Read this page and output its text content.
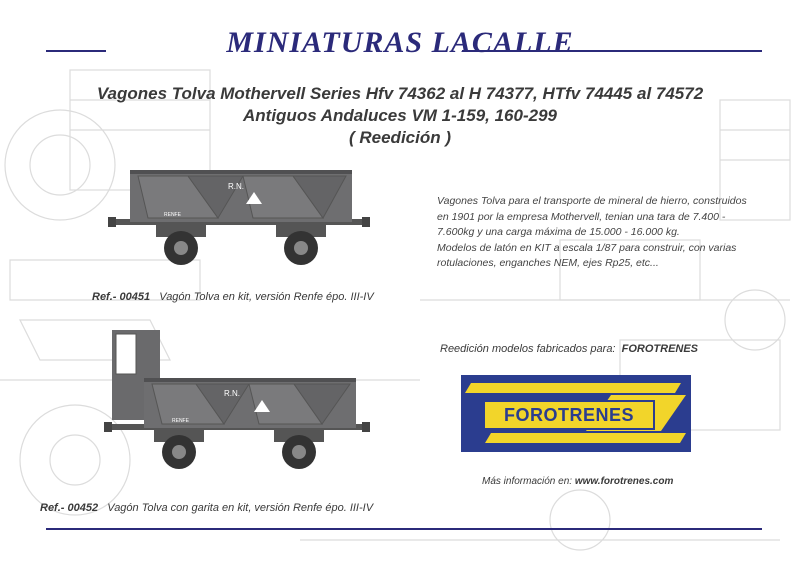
MINIATURAS LACALLE
Vagones Tolva Mothervell Series Hfv 74362 al H 74377, HTfv 74445 al 74572
Antiguos Andaluces VM 1-159, 160-299
( Reedición )
R.N.
RENFE
Ref.- 00451 Vagón Tolva en kit, versión Renfe épo. III-IV
R.N.
RENFE
Ref.- 00452 Vagón Tolva con garita en kit, versión Renfe épo. III-IV

Vagones Tolva para el transporte de mineral de hierro, construidos en 1901 por la empresa Mothervell, tenian una tara de 7.400 - 7.600kg y una carga máxima de 15.000 - 16.000 kg.

Modelos de latón en KIT a escala 1/87 para construir, con varias rotulaciones, enganches NEM, ejes Rp25, etc...

Reedición modelos fabricados para: FOROTRENES
FOROTRENES
Más información en: www.forotrenes.com
